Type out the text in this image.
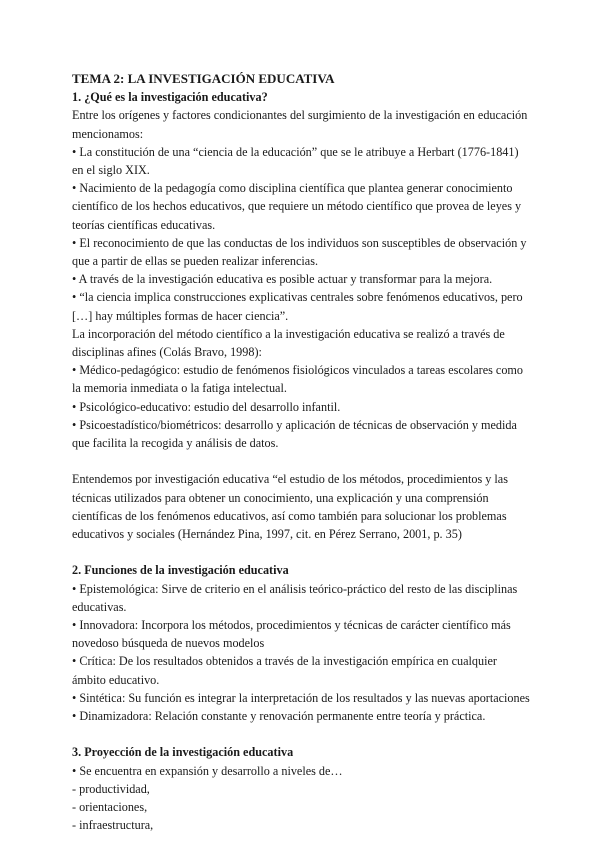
TEMA 2: LA INVESTIGACIÓN EDUCATIVA

1. ¿Qué es la investigación educativa?

Entre los orígenes y factores condicionantes del surgimiento de la investigación en educación mencionamos:

• La constitución de una “ciencia de la educación” que se le atribuye a Herbart (1776-1841) en el siglo XIX.

• Nacimiento de la pedagogía como disciplina científica que plantea generar conocimiento científico de los hechos educativos, que requiere un método científico que provea de leyes y teorías científicas educativas.

• El reconocimiento de que las conductas de los individuos son susceptibles de observación y que a partir de ellas se pueden realizar inferencias.

• A través de la investigación educativa es posible actuar y transformar para la mejora.

• “la ciencia implica construcciones explicativas centrales sobre fenómenos educativos, pero […] hay múltiples formas de hacer ciencia”.

La incorporación del método científico a la investigación educativa se realizó a través de disciplinas afines (Colás Bravo, 1998):

• Médico-pedagógico: estudio de fenómenos fisiológicos vinculados a tareas escolares como la memoria inmediata o la fatiga intelectual.

• Psicológico-educativo: estudio del desarrollo infantil.

• Psicoestadístico/biométricos: desarrollo y aplicación de técnicas de observación y medida que facilita la recogida y análisis de datos.

Entendemos por investigación educativa “el estudio de los métodos, procedimientos y las técnicas utilizados para obtener un conocimiento, una explicación y una comprensión científicas de los fenómenos educativos, así como también para solucionar los problemas educativos y sociales (Hernández Pina, 1997, cit. en Pérez Serrano, 2001, p. 35)

2. Funciones de la investigación educativa

• Epistemológica: Sirve de criterio en el análisis teórico-práctico del resto de las disciplinas educativas.

• Innovadora: Incorpora los métodos, procedimientos y técnicas de carácter científico más novedoso búsqueda de nuevos modelos

• Crítica: De los resultados obtenidos a través de la investigación empírica en cualquier ámbito educativo.

• Sintética: Su función es integrar la interpretación de los resultados y las nuevas aportaciones

• Dinamizadora: Relación constante y renovación permanente entre teoría y práctica.

3. Proyección de la investigación educativa

• Se encuentra en expansión y desarrollo a niveles de…

- productividad,

- orientaciones,

- infraestructura,
